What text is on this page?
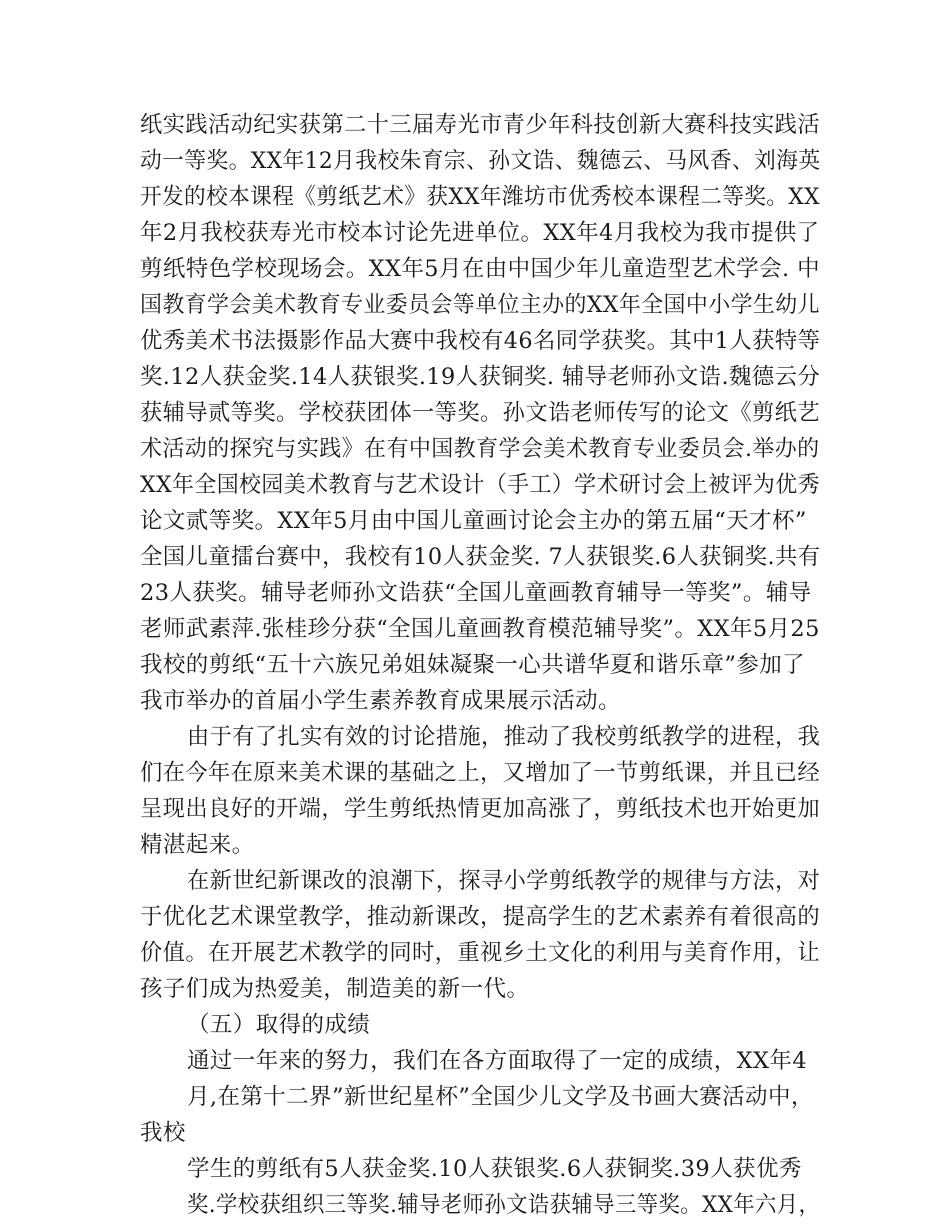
纸实践活动纪实获第二十三届寿光市青少年科技创新大赛科技实践活
动一等奖。XX年12月我校朱育宗、孙文诰、魏德云、马风香、刘海英
开发的校本课程《剪纸艺术》获XX年潍坊市优秀校本课程二等奖。XX
年2月我校获寿光市校本讨论先进单位。XX年4月我校为我市提供了
剪纸特色学校现场会。XX年5月在由中国少年儿童造型艺术学会. 中
国教育学会美术教育专业委员会等单位主办的XX年全国中小学生幼儿
优秀美术书法摄影作品大赛中我校有46名同学获奖。其中1人获特等
奖.12人获金奖.14人获银奖.19人获铜奖. 辅导老师孙文诰.魏德云分
获辅导贰等奖。学校获团体一等奖。孙文诰老师传写的论文《剪纸艺
术活动的探究与实践》在有中国教育学会美术教育专业委员会.举办的
XX年全国校园美术教育与艺术设计（手工）学术研讨会上被评为优秀
论文贰等奖。XX年5月由中国儿童画讨论会主办的第五届“天才杯”
全国儿童擂台赛中，我校有10人获金奖. 7人获银奖.6人获铜奖.共有
23人获奖。辅导老师孙文诰获“全国儿童画教育辅导一等奖”。辅导
老师武素萍.张桂珍分获“全国儿童画教育模范辅导奖”。XX年5月25
我校的剪纸“五十六族兄弟姐妹凝聚一心共谱华夏和谐乐章”参加了
我市举办的首届小学生素养教育成果展示活动。
由于有了扎实有效的讨论措施，推动了我校剪纸教学的进程，我
们在今年在原来美术课的基础之上，又增加了一节剪纸课，并且已经
呈现出良好的开端，学生剪纸热情更加高涨了，剪纸技术也开始更加
精湛起来。
在新世纪新课改的浪潮下，探寻小学剪纸教学的规律与方法，对
于优化艺术课堂教学，推动新课改，提高学生的艺术素养有着很高的
价值。在开展艺术教学的同时，重视乡土文化的利用与美育作用，让
孩子们成为热爱美，制造美的新一代。
（五）取得的成绩
通过一年来的努力，我们在各方面取得了一定的成绩，XX年4
月,在第十二界”新世纪星杯”全国少儿文学及书画大赛活动中，
我校
学生的剪纸有5人获金奖.10人获银奖.6人获铜奖.39人获优秀
奖.学校获组织三等奖.辅导老师孙文诰获辅导三等奖。XX年六月，
